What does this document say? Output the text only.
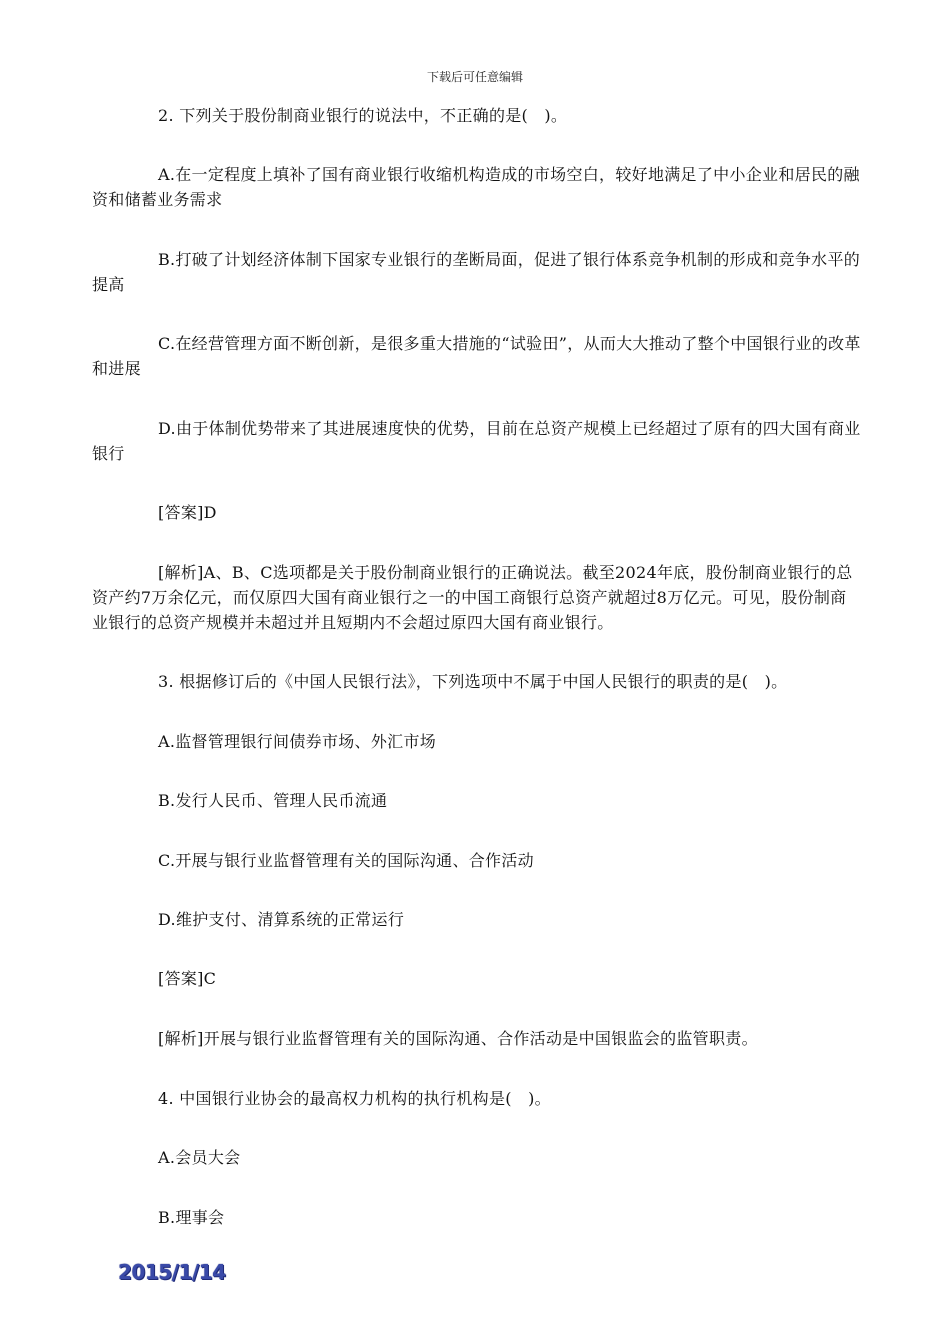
下载后可任意编辑

2. 下列关于股份制商业银行的说法中，不正确的是(　)。

A.在一定程度上填补了国有商业银行收缩机构造成的市场空白，较好地满足了中小企业和居民的融资和储蓄业务需求

B.打破了计划经济体制下国家专业银行的垄断局面，促进了银行体系竞争机制的形成和竞争水平的提高

C.在经营管理方面不断创新，是很多重大措施的“试验田”，从而大大推动了整个中国银行业的改革和进展

D.由于体制优势带来了其进展速度快的优势，目前在总资产规模上已经超过了原有的四大国有商业银行

[答案]D

[解析]A、B、C选项都是关于股份制商业银行的正确说法。截至2024年底，股份制商业银行的总资产约7万余亿元，而仅原四大国有商业银行之一的中国工商银行总资产就超过8万亿元。可见，股份制商业银行的总资产规模并未超过并且短期内不会超过原四大国有商业银行。

3. 根据修订后的《中国人民银行法》，下列选项中不属于中国人民银行的职责的是(　)。

A.监督管理银行间债券市场、外汇市场

B.发行人民币、管理人民币流通

C.开展与银行业监督管理有关的国际沟通、合作活动

D.维护支付、清算系统的正常运行

[答案]C

[解析]开展与银行业监督管理有关的国际沟通、合作活动是中国银监会的监管职责。

4. 中国银行业协会的最高权力机构的执行机构是(　)。

A.会员大会

B.理事会

2015/1/14
